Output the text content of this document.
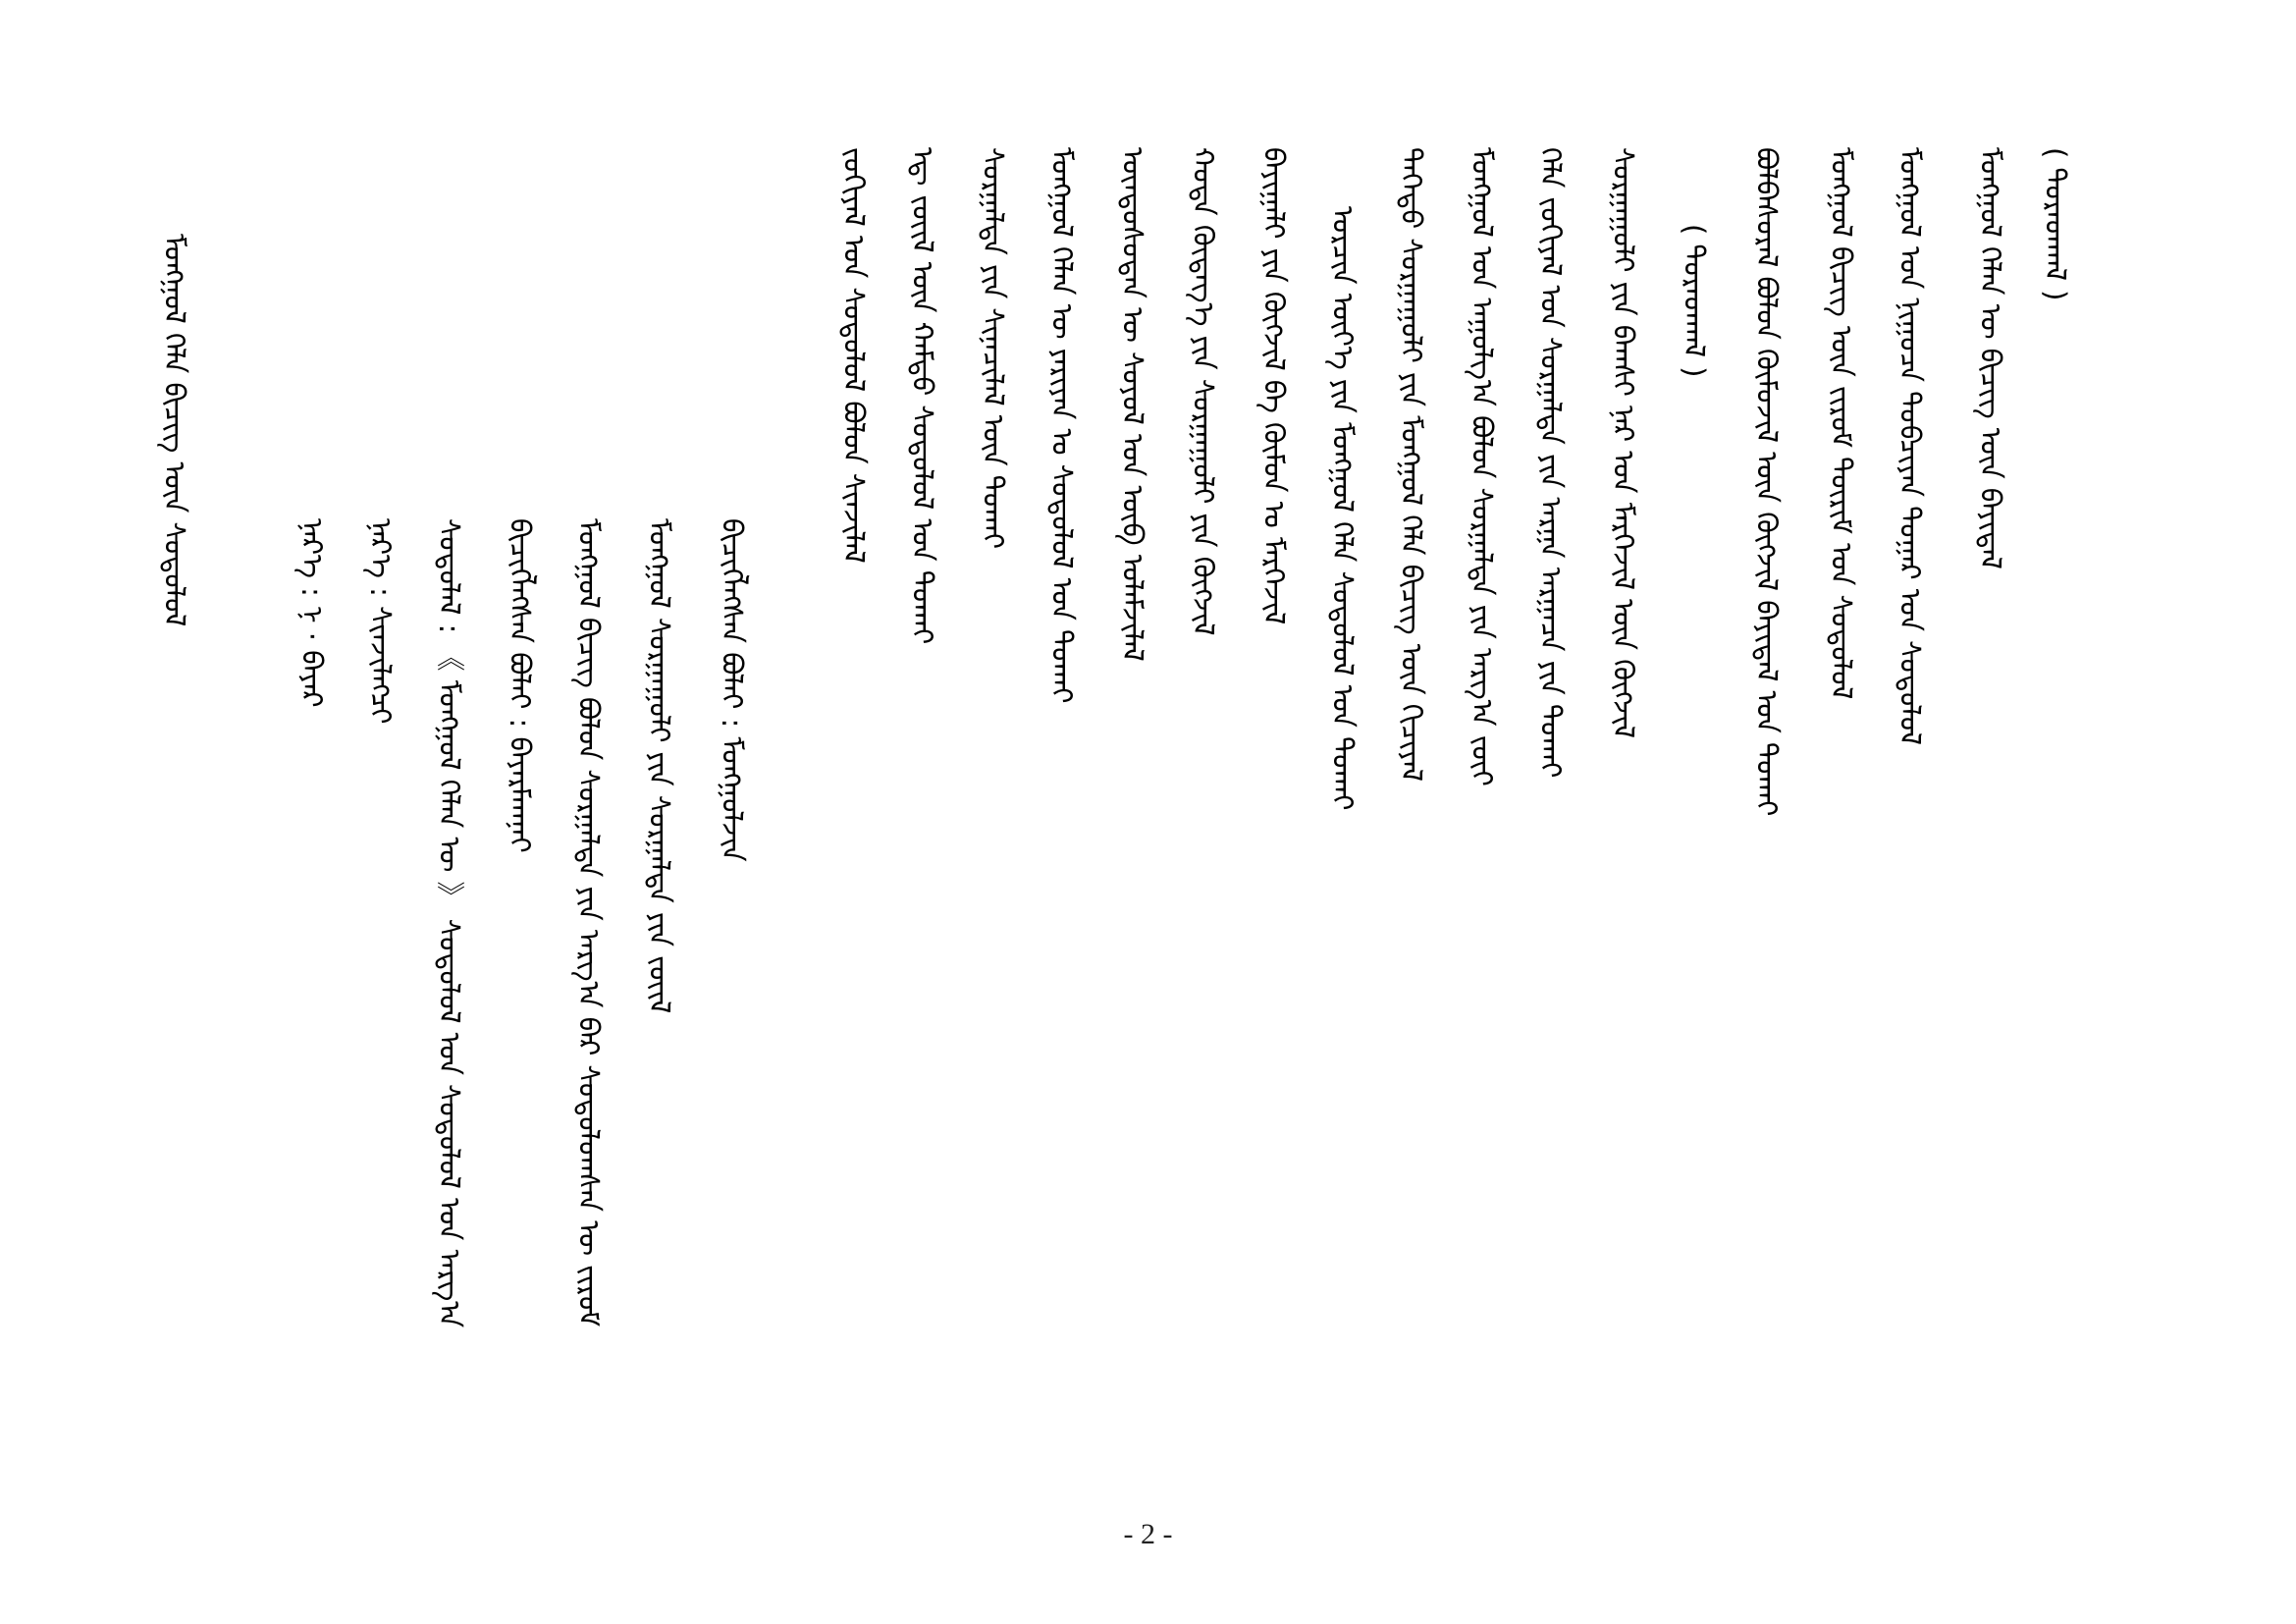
( ᠳᠤᠷᠠᠳᠬᠠᠯ )
ᠮᠣᠩᠭᠣᠯ ᠬᠡᠯᠡᠨ ᠦ ᠪᠢᠴᠢᠭ ᠦᠨ ᠪᠠᠶᠢᠳᠠᠯ
ᠮᠣᠩᠭᠣᠯ ᠤᠨ ᠨᠢᠭᠤᠴᠠ ᠲᠣᠪᠴᠢᠶᠠᠨ ᠳᠤᠭᠠᠷ ᠤᠨ ᠰᠤᠳᠤᠯᠤᠯ
ᠮᠣᠩᠭᠣᠯ ᠪᠢᠴᠢᠭ ᠦᠨ ᠵᠢᠷᠤᠮ ᠳᠦᠷᠢᠮ ᠤᠨ ᠰᠤᠳᠤᠯᠤᠯ
ᠪᠣᠯᠪᠠᠰᠤᠷᠠᠯ ᠪᠣᠯᠤᠨ ᠬᠦᠮᠦᠵᠢᠯ ᠦᠨ ᠬᠥᠭᠵᠢᠯ ᠪᠠᠶᠢᠳᠠᠯ ᠤᠨ ᠲᠤᠬᠠᠢ
( ᠳᠤᠷᠠᠳᠬᠠᠯ )
ᠰᠤᠷᠭᠠᠭᠤᠯᠢ ᠶᠢᠨ ᠪᠠᠭᠰᠢ ᠨᠠᠷ ᠤᠨ ᠮᠡᠷᠭᠡᠵᠢᠯ ᠦᠨ ᠬᠥᠭᠵᠢᠯ
ᠬᠡᠯᠡ ᠵᠣᠬᠢᠶᠠᠯ ᠤᠨ ᠰᠤᠷᠭᠠᠯᠲᠠ ᠶᠢᠨ ᠠᠷᠭᠠ ᠠᠷᠭᠠᠴᠠ ᠶᠢᠨ ᠲᠤᠬᠠᠢ
ᠮᠣᠩᠭᠣᠯ ᠤᠨ ᠠᠭᠤᠯᠭ᠎ᠠ ᠪᠣᠯᠣᠨ ᠰᠤᠷᠭᠠᠯᠲᠠ ᠶᠢᠨ ᠠᠷᠭ᠎ᠠ ᠵᠦᠢ
ᠳᠡᠭᠡᠳᠦ ᠰᠤᠷᠭᠠᠭᠤᠯᠢ ᠶᠢᠨ ᠮᠣᠩᠭᠣᠯ ᠬᠡᠯᠡ ᠪᠢᠴᠢᠭ ᠦᠨ ᠬᠢᠴᠢᠶᠡᠯ
ᠣᠷᠴᠢᠨ ᠦᠶ᠎ᠡ ᠶᠢᠨ ᠮᠣᠩᠭᠣᠯ ᠬᠡᠯᠡ ᠰᠤᠳᠤᠯᠤᠯ ᠤᠨ ᠲᠤᠬᠠᠢ
ᠪᠠᠶᠢᠭᠠᠯᠢ ᠶᠢᠨ ᠬᠥᠭᠵᠢᠯ ᠪᠠ ᠬᠦᠮᠦᠨ ᠤ ᠮᠡᠷᠭᠡᠵᠢᠯ
ᠬᠣᠳᠠ ᠬᠦᠳᠡᠭ᠎ᠡ ᠶᠢᠨ ᠰᠤᠷᠭᠠᠭᠤᠯᠢ ᠶᠢᠨ ᠬᠥᠭᠵᠢᠯ
ᠦᠨᠳᠦᠰᠦᠲᠡᠨ ᠦ ᠰᠣᠶᠣᠯ ᠤᠨ ᠥᠪ ᠤᠯᠠᠮᠵᠢᠯᠠᠯ
ᠮᠣᠩᠭᠣᠯ ᠬᠡᠯᠡᠨ ᠦ ᠶᠠᠷᠢᠶᠠᠨ ᠤ ᠰᠤᠳᠤᠯᠤᠯ ᠤᠨ ᠲᠤᠬᠠᠢ
ᠰᠤᠷᠭᠠᠯᠲᠠ ᠶᠢᠨ ᠰᠢᠨᠡᠴᠢᠯᠡᠯ ᠦᠨ ᠲᠤᠬᠠᠢ
ᠡᠳ᠋ ᠵᠦᠢᠯ ᠦᠨ ᠬᠠᠮᠲᠤ ᠰᠤᠳᠤᠯᠤᠯ ᠤᠨ ᠲᠤᠬᠠᠢ
ᠵᠣᠬᠢᠶᠠᠯ ᠤᠨ ᠰᠤᠳᠤᠯᠤᠯ ᠪᠣᠯᠤᠨ ᠰᠢᠨᠵᠢᠯᠡᠯ
ᠪᠢᠴᠢᠭᠯᠡᠭᠰᠡᠨ ᠪᠣᠯᠠᠢ : ᠮᠣᠩᠭᠣᠯᠵᠢᠨ
ᠮᠣᠩᠭᠣᠯ ᠰᠤᠷᠭᠠᠭᠤᠯᠢ ᠶᠢᠨ ᠰᠤᠷᠭᠠᠯᠲᠠ ᠶᠢᠨ ᠵᠦᠢᠯ
ᠮᠣᠩᠭᠣᠯ ᠪᠢᠴᠢᠭ ᠪᠣᠯᠤᠨ ᠰᠤᠷᠭᠠᠯᠲᠠ ᠶᠢᠨ ᠠᠷᠭ᠎ᠠ ᠪᠠᠷ ᠰᠤᠳᠤᠯᠤᠭᠰᠠᠨ ᠦ ᠵᠢᠷᠤᠮ
ᠪᠢᠴᠢᠭᠯᠡᠭᠰᠡᠨ ᠪᠣᠯᠠᠢ : ᠪᠠᠶᠠᠷᠮᠠᠭᠨᠠᠢ
ᠰᠤᠳᠤᠯᠠᠯ : 《 ᠮᠣᠩᠭᠣᠯ ᠬᠡᠯᠡᠨ ᠦ 》 ᠰᠤᠳᠤᠯᠤᠯ ᠤᠨ ᠰᠤᠳᠤᠯᠤᠯ ᠤᠨ ᠠᠷᠭ᠎ᠠ
ᠨᠡᠷ᠎ᠡ : ᠰᠢᠨᠵᠢᠯᠡᠭᠴᠢ
ᠨᠡᠷ᠎ᠡ : ᠨ · ᠪᠠᠶᠠᠷ
ᠮᠣᠩᠭᠣᠯ ᠬᠡᠯᠡ ᠪᠢᠴᠢᠭ ᠦᠨ ᠰᠤᠳᠤᠯᠤᠯ
- 2 -
